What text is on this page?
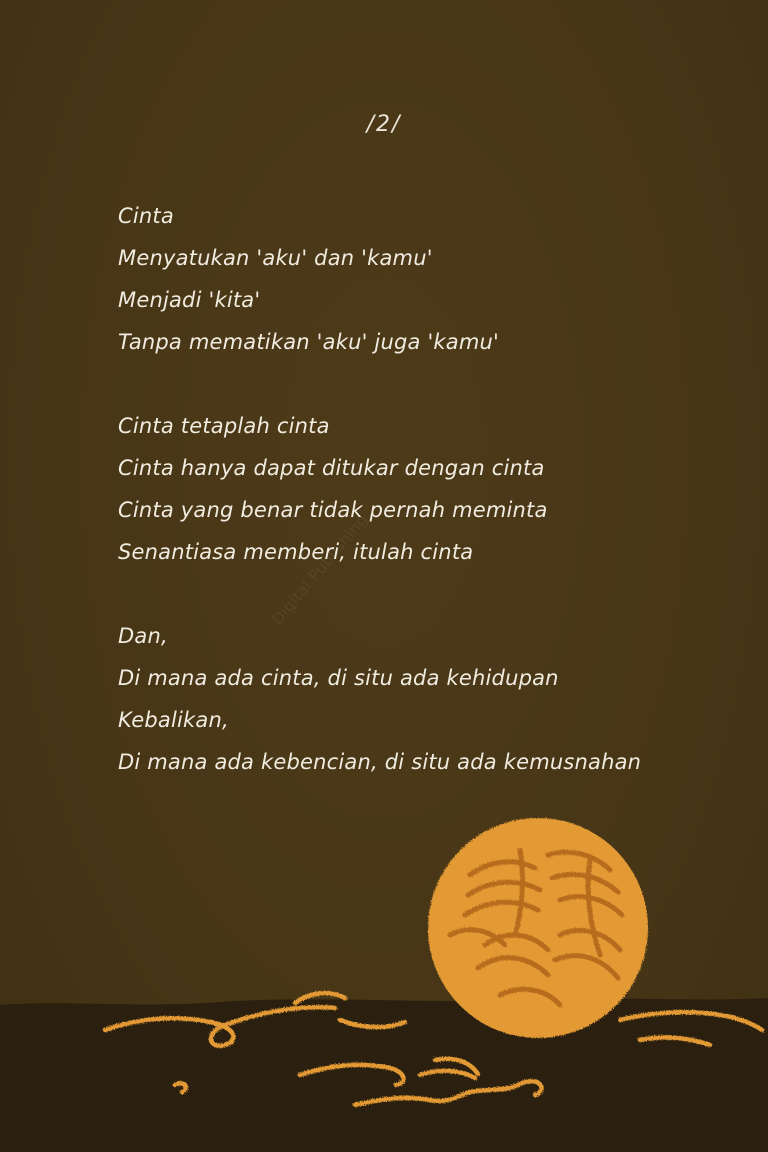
Digital Publishing
/2/
Cinta
Menyatukan 'aku' dan 'kamu'
Menjadi 'kita'
Tanpa mematikan 'aku' juga 'kamu'
Cinta tetaplah cinta
Cinta hanya dapat ditukar dengan cinta
Cinta yang benar tidak pernah meminta
Senantiasa memberi, itulah cinta
Dan,
Di mana ada cinta, di situ ada kehidupan
Kebalikan,
Di mana ada kebencian, di situ ada kemusnahan
